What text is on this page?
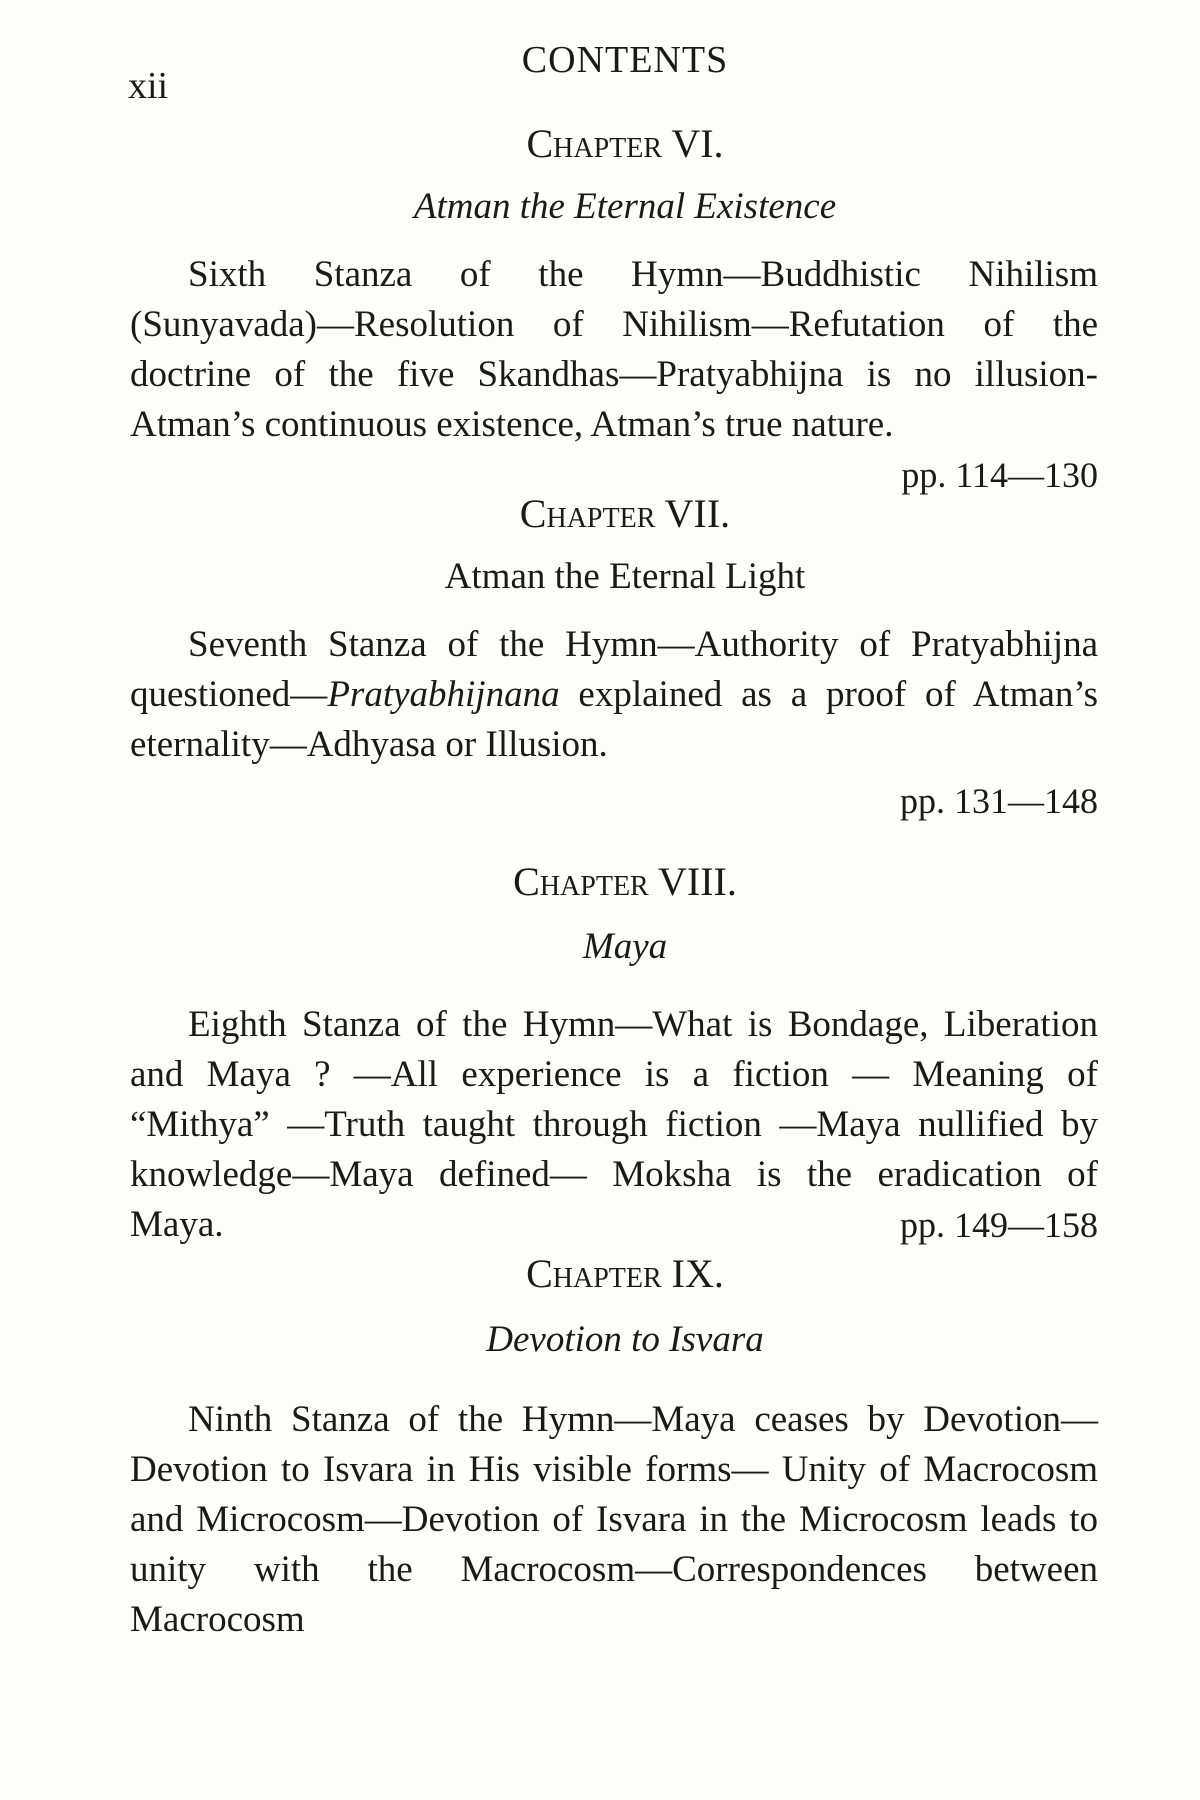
xii
CONTENTS
Chapter VI.
Atman the Eternal Existence

Sixth Stanza of the Hymn—Buddhistic Nihilism (Sunyavada)—Resolution of Nihilism—Refutation of the doctrine of the five Skandhas—Pratyabhijna is no illusion-Atman’s continuous existence, Atman’s true nature.
pp. 114—130

Chapter VII.
Atman the Eternal Light

Seventh Stanza of the Hymn—Authority of Pratyabhijna questioned—Pratyabhijnana explained as a proof of Atman’s eternality—Adhyasa or Illusion.

pp. 131—148
Chapter VIII.
Maya

Eighth Stanza of the Hymn—What is Bondage, Liberation and Maya ? —All experience is a fiction — Meaning of “Mithya” —Truth taught through fiction —Maya nullified by knowledge—Maya defined— Moksha is the eradication of Maya.	pp. 149—158

Chapter IX.
Devotion to Isvara

Ninth Stanza of the Hymn—Maya ceases by Devotion—Devotion to Isvara in His visible forms— Unity of Macrocosm and Microcosm—Devotion of Isvara in the Microcosm leads to unity with the Macrocosm—Correspondences between Macrocosm
